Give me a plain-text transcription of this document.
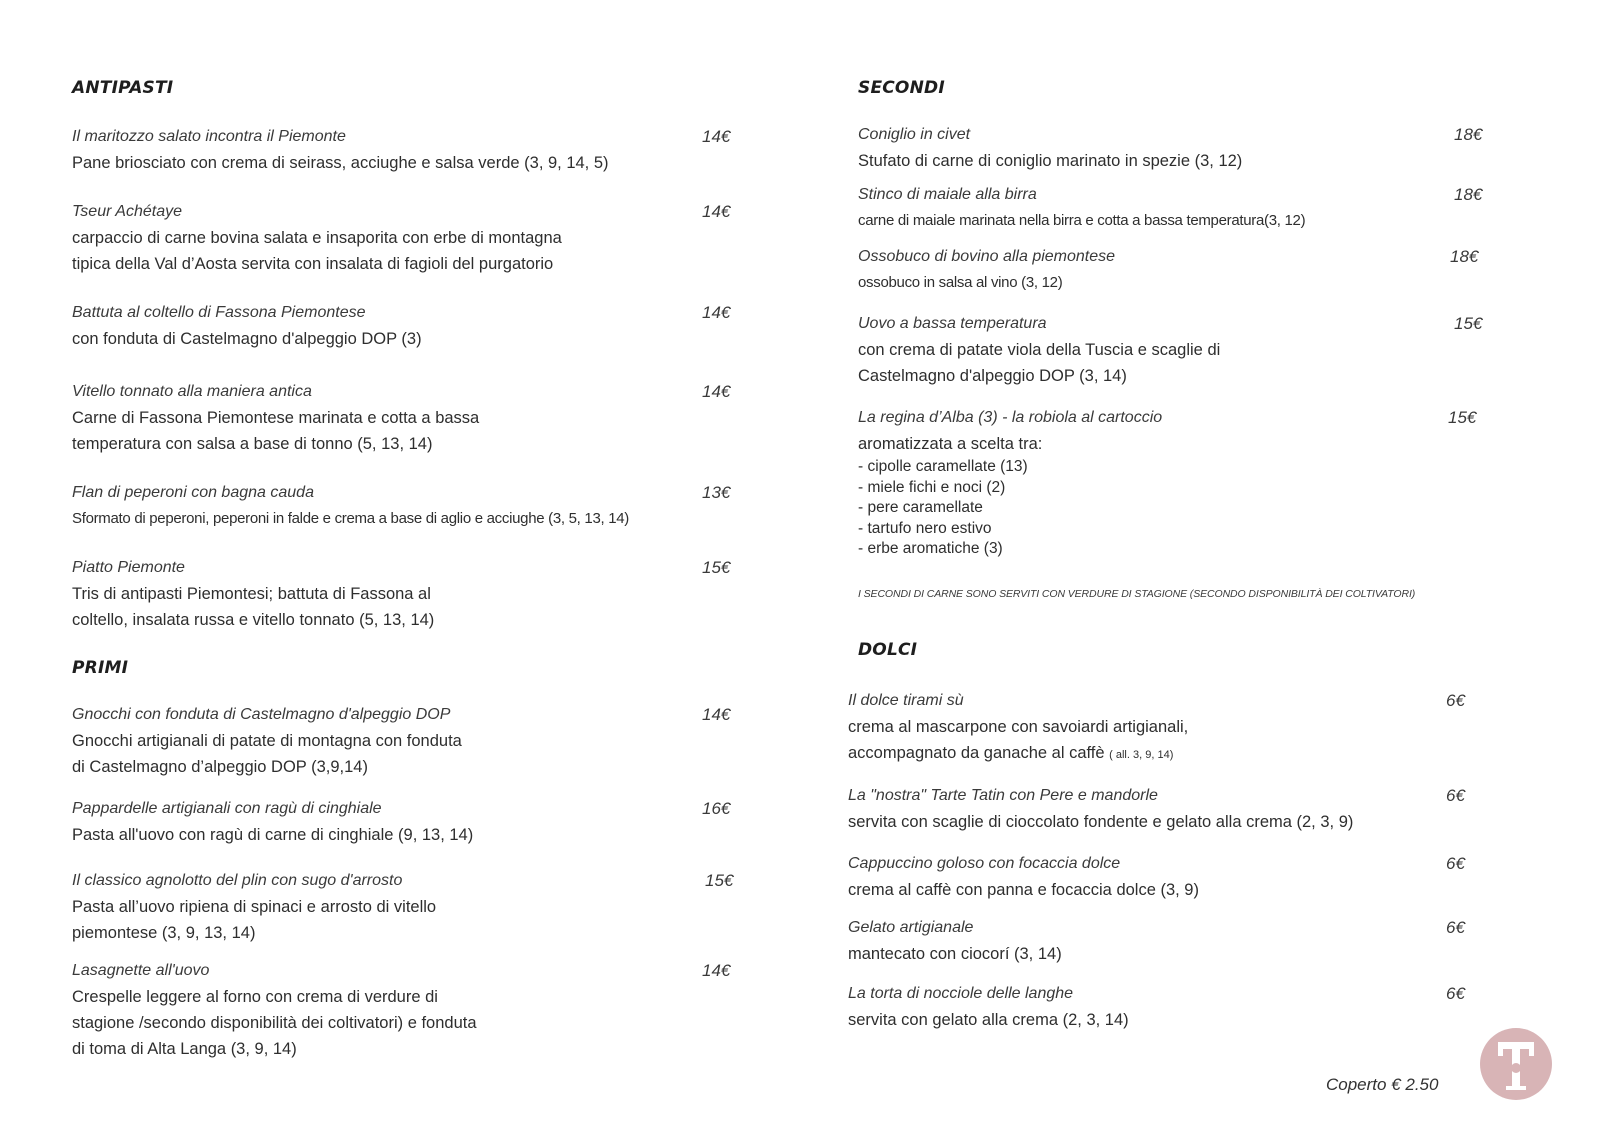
ANTIPASTI
Il maritozzo salato incontra il Piemonte	14€
Pane briosciato con crema di seirass, acciughe e salsa verde (3, 9, 14, 5)
Tseur Achétaye	14€
carpaccio di carne bovina salata e insaporita con erbe di montagna
tipica della Val d’Aosta servita con insalata di fagioli del purgatorio
Battuta al coltello di Fassona Piemontese	14€
con fonduta di Castelmagno d'alpeggio DOP (3)
Vitello tonnato alla maniera antica	14€
Carne di Fassona Piemontese marinata e cotta a bassa
temperatura con salsa a base di tonno (5, 13, 14)
Flan di peperoni con bagna cauda	13€
Sformato di peperoni, peperoni in falde e crema a base di aglio e acciughe (3, 5, 13, 14)
Piatto Piemonte	15€
Tris di antipasti Piemontesi; battuta di Fassona al
coltello, insalata russa e vitello tonnato (5, 13, 14)
PRIMI
Gnocchi con fonduta di Castelmagno d'alpeggio DOP	14€
Gnocchi artigianali di patate di montagna con fonduta
di Castelmagno d’alpeggio DOP (3,9,14)
Pappardelle artigianali con ragù di cinghiale	16€
Pasta all'uovo con ragù di carne di cinghiale (9, 13, 14)
Il classico agnolotto del plin con sugo d'arrosto	15€
Pasta all’uovo ripiena di spinaci e arrosto di vitello
piemontese (3, 9, 13, 14)
Lasagnette all'uovo	14€
Crespelle leggere al forno con crema di verdure di
stagione /secondo disponibilità dei coltivatori) e fonduta
di toma di Alta Langa (3, 9, 14)
SECONDI
Coniglio in civet	18€
Stufato di carne di coniglio marinato in spezie (3, 12)
Stinco di maiale alla birra	18€
carne di maiale marinata nella birra e cotta a bassa temperatura(3, 12)
Ossobuco di bovino alla piemontese	18€
ossobuco in salsa al vino (3, 12)
Uovo a bassa temperatura	15€
con crema di patate viola della Tuscia e scaglie di
Castelmagno d'alpeggio DOP (3, 14)
La regina d’Alba (3) - la robiola al cartoccio	15€
aromatizzata a scelta tra:
- cipolle caramellate (13)
- miele fichi e noci (2)
- pere caramellate
- tartufo nero estivo
- erbe aromatiche (3)
I SECONDI DI CARNE SONO SERVITI CON VERDURE DI STAGIONE (SECONDO DISPONIBILITÀ DEI COLTIVATORI)
DOLCI
Il dolce tirami sù	6€
crema al mascarpone con savoiardi artigianali,
accompagnato da ganache al caffè ( all. 3, 9, 14)
La "nostra" Tarte Tatin con Pere e mandorle	6€
servita con scaglie di cioccolato fondente e gelato alla crema (2, 3, 9)
Cappuccino goloso con focaccia dolce	6€
crema al caffè con panna e focaccia dolce (3, 9)
Gelato artigianale	6€
mantecato con ciocorí (3, 14)
La torta di nocciole delle langhe	6€
servita con gelato alla crema (2, 3, 14)
Coperto € 2.50
